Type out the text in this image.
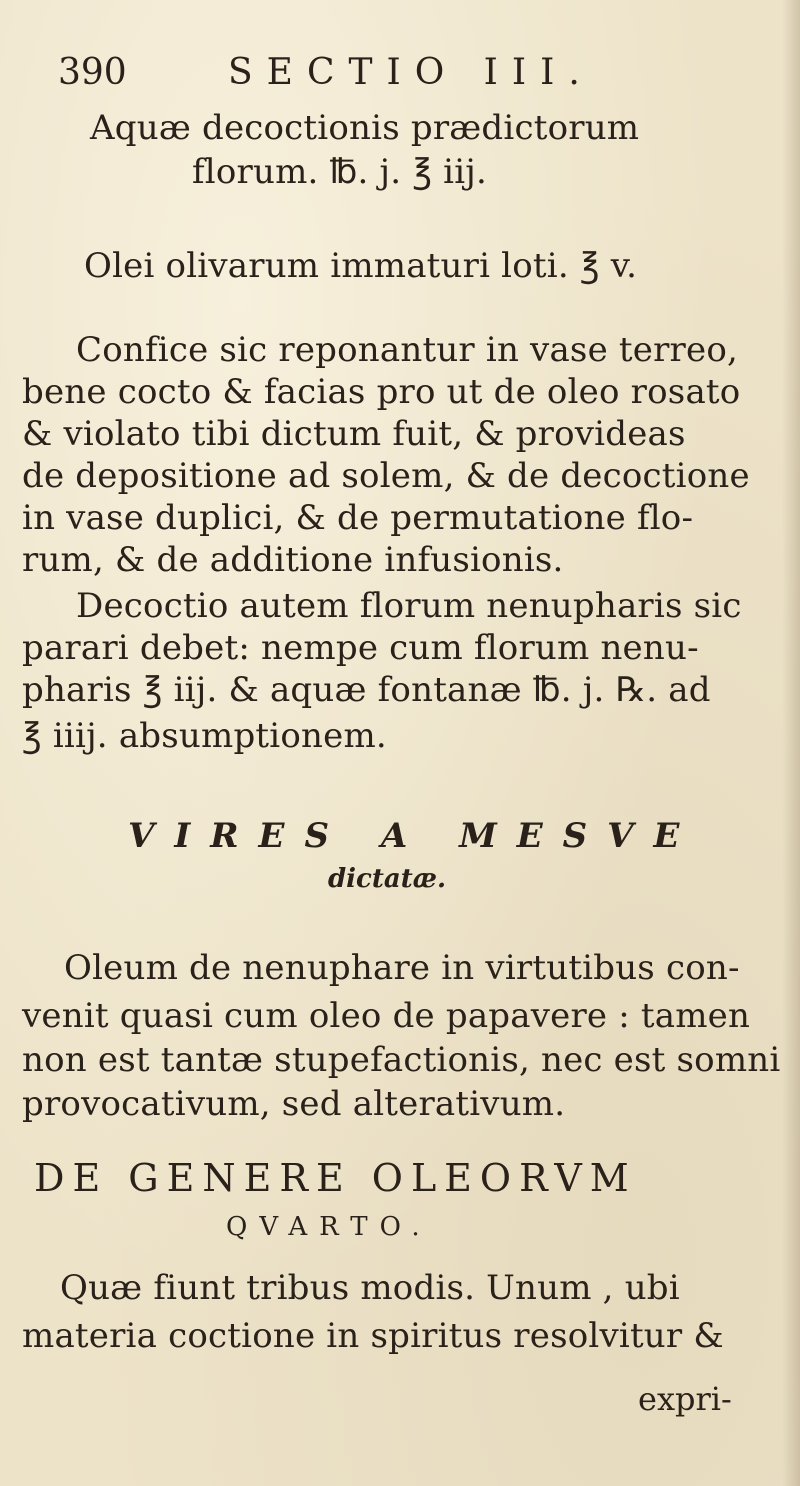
390	SECTIO III.
Aquæ decoctionis prædictorum
florum. ℔. j. ℥ iij.
Olei olivarum immaturi loti. ℥ v.
Confice sic reponantur in vase terreo,
bene cocto & facias pro ut de oleo rosato
& violato tibi dictum fuit, & provideas
de depositione ad solem, & de decoctione
in vase duplici, & de permutatione flo-
rum, & de additione infusionis.
Decoctio autem florum nenupharis sic
parari debet: nempe cum florum nenu-
pharis ℥ iij. & aquæ fontanæ ℔. j. ℞. ad
℥ iiij. absumptionem.
VIRES A MESVE
dictatæ.
Oleum de nenuphare in virtutibus con-
venit quasi cum oleo de papavere : tamen
non est tantæ stupefactionis, nec est somni
provocativum, sed alterativum.
DE GENERE OLEORVM
QVARTO.
Quæ fiunt tribus modis. Unum , ubi
materia coctione in spiritus resolvitur &
expri-
